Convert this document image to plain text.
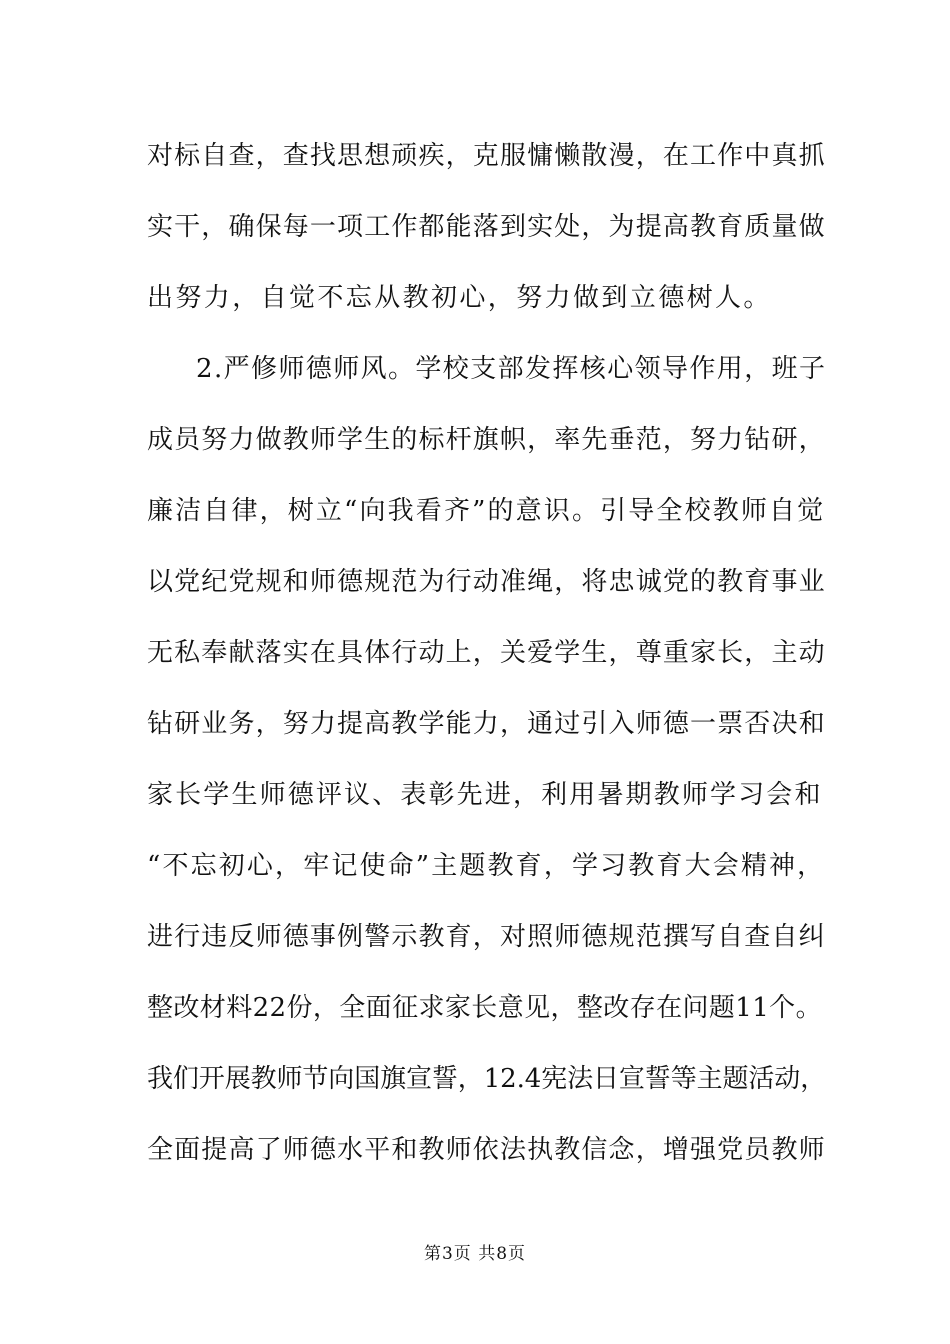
对标自查，查找思想顽疾，克服慵懒散漫，在工作中真抓
实干，确保每一项工作都能落到实处，为提高教育质量做
出努力，自觉不忘从教初心，努力做到立德树人。
2.严修师德师风。学校支部发挥核心领导作用，班子
成员努力做教师学生的标杆旗帜，率先垂范，努力钻研，
廉洁自律，树立“向我看齐”的意识。引导全校教师自觉
以党纪党规和师德规范为行动准绳，将忠诚党的教育事业
无私奉献落实在具体行动上，关爱学生，尊重家长，主动
钻研业务，努力提高教学能力，通过引入师德一票否决和
家长学生师德评议、表彰先进，利用暑期教师学习会和
“不忘初心，牢记使命”主题教育，学习教育大会精神，
进行违反师德事例警示教育，对照师德规范撰写自查自纠
整改材料22份，全面征求家长意见，整改存在问题11个。
我们开展教师节向国旗宣誓，12.4宪法日宣誓等主题活动，
全面提高了师德水平和教师依法执教信念，增强党员教师
第3页 共8页
